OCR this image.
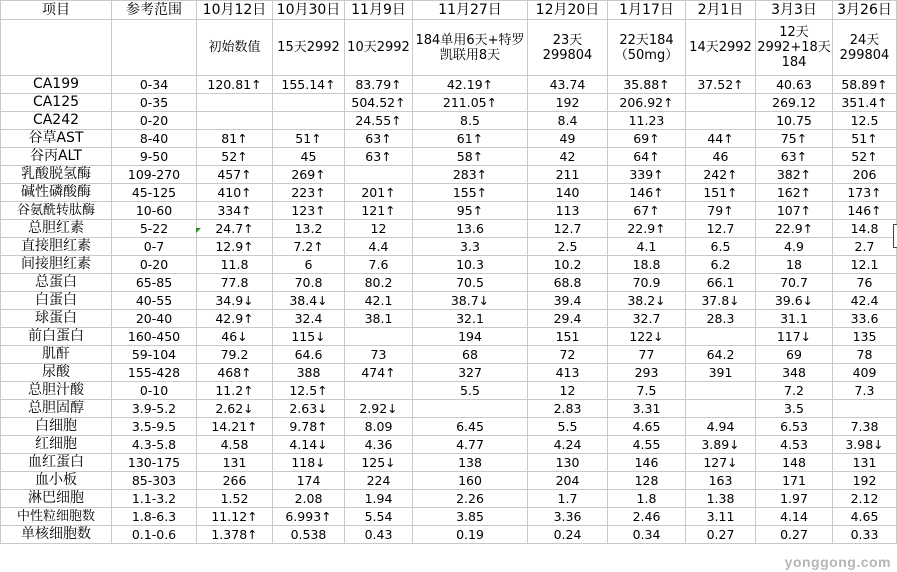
项目	参考范围	10月12日	10月30日	11月9日	11月27日	12月20日	1月17日	2月1日	3月3日	3月26日
		初始数值	15天2992	10天2992	184单用6天+特罗凯联用8天	23天299804	22天184（50mg）	14天2992	12天2992+18天184	24天299804
CA199	0-34	120.81↑	155.14↑	83.79↑	42.19↑	43.74	35.88↑	37.52↑	40.63	58.89↑
CA125	0-35			504.52↑	211.05↑	192	206.92↑		269.12	351.4↑
CA242	0-20			24.55↑	8.5	8.4	11.23		10.75	12.5
谷草AST	8-40	81↑	51↑	63↑	61↑	49	69↑	44↑	75↑	51↑
谷丙ALT	9-50	52↑	45	63↑	58↑	42	64↑	46	63↑	52↑
乳酸脱氢酶	109-270	457↑	269↑		283↑	211	339↑	242↑	382↑	206
碱性磷酸酶	45-125	410↑	223↑	201↑	155↑	140	146↑	151↑	162↑	173↑
谷氨酰转肽酶	10-60	334↑	123↑	121↑	95↑	113	67↑	79↑	107↑	146↑
总胆红素	5-22	24.7↑	13.2	12	13.6	12.7	22.9↑	12.7	22.9↑	14.8
直接胆红素	0-7	12.9↑	7.2↑	4.4	3.3	2.5	4.1	6.5	4.9	2.7
间接胆红素	0-20	11.8	6	7.6	10.3	10.2	18.8	6.2	18	12.1
总蛋白	65-85	77.8	70.8	80.2	70.5	68.8	70.9	66.1	70.7	76
白蛋白	40-55	34.9↓	38.4↓	42.1	38.7↓	39.4	38.2↓	37.8↓	39.6↓	42.4
球蛋白	20-40	42.9↑	32.4	38.1	32.1	29.4	32.7	28.3	31.1	33.6
前白蛋白	160-450	46↓	115↓		194	151	122↓		117↓	135
肌酐	59-104	79.2	64.6	73	68	72	77	64.2	69	78
尿酸	155-428	468↑	388	474↑	327	413	293	391	348	409
总胆汁酸	0-10	11.2↑	12.5↑		5.5	12	7.5		7.2	7.3
总胆固醇	3.9-5.2	2.62↓	2.63↓	2.92↓		2.83	3.31		3.5	
白细胞	3.5-9.5	14.21↑	9.78↑	8.09	6.45	5.5	4.65	4.94	6.53	7.38
红细胞	4.3-5.8	4.58	4.14↓	4.36	4.77	4.24	4.55	3.89↓	4.53	3.98↓
血红蛋白	130-175	131	118↓	125↓	138	130	146	127↓	148	131
血小板	85-303	266	174	224	160	204	128	163	171	192
淋巴细胞	1.1-3.2	1.52	2.08	1.94	2.26	1.7	1.8	1.38	1.97	2.12
中性粒细胞数	1.8-6.3	11.12↑	6.993↑	5.54	3.85	3.36	2.46	3.11	4.14	4.65
单核细胞数	0.1-0.6	1.378↑	0.538	0.43	0.19	0.24	0.34	0.27	0.27	0.33
yonggong.com
